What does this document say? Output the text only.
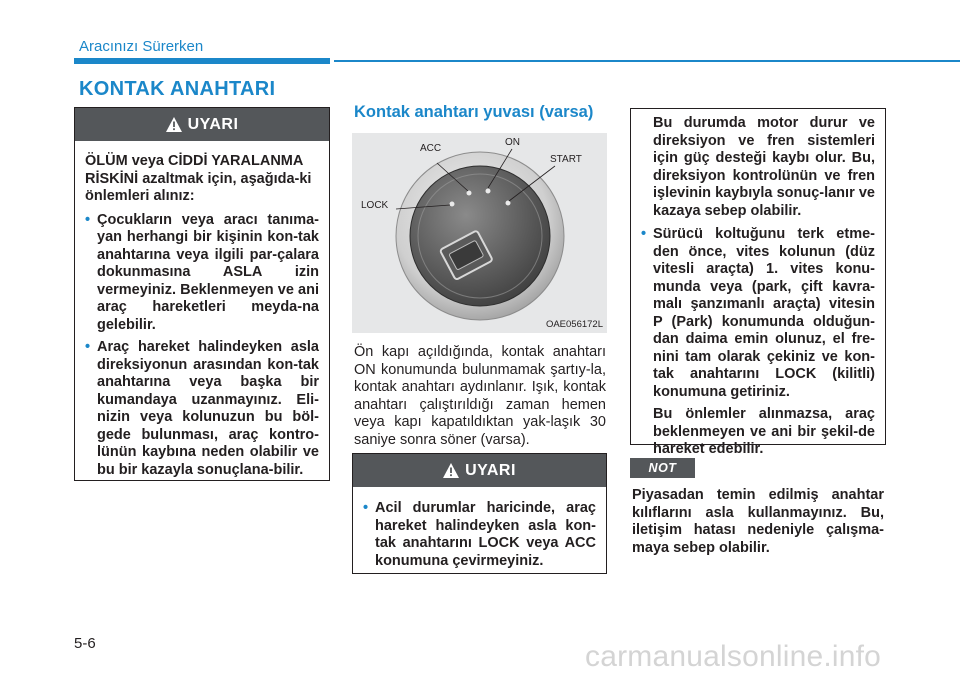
Aracınızı Sürerken
KONTAK ANAHTARI
UYARI

ÖLÜM veya CİDDİ YARALANMA RİSKİNİ azaltmak için, aşağıda-ki önlemleri alınız:

• Çocukların veya aracı tanıma-yan herhangi bir kişinin kon-tak anahtarına veya ilgili par-çalara dokunmasına ASLA izin vermeyiniz. Beklenmeyen ve ani araç hareketleri meyda-na gelebilir.
• Araç hareket halindeyken asla direksiyonun arasından kon-tak anahtarına veya başka bir kumandaya uzanmayınız. Eli-nizin veya kolunuzun bu böl-gede bulunması, araç kontro-lünün kaybına neden olabilir ve bu bir kazayla sonuçlana-bilir.
Kontak anahtarı yuvası (varsa)
ACC
ON
START
LOCK
OAE056172L
Ön kapı açıldığında, kontak anahtarı ON konumunda bulunmamak şartıy-la, kontak anahtarı aydınlanır. Işık, kontak anahtarı çalıştırıldığı zaman hemen veya kapı kapatıldıktan yak-laşık 30 saniye sonra söner (varsa).
UYARI
• Acil durumlar haricinde, araç hareket halindeyken asla kon-tak anahtarını LOCK veya ACC konumuna çevirmeyiniz.

Bu durumda motor durur ve direksiyon ve fren sistemleri için güç desteği kaybı olur. Bu, direksiyon kontrolünün ve fren işlevinin kaybıyla sonuç-lanır ve kazaya sebep olabilir.

• Sürücü koltuğunu terk etme-den önce, vites kolunun (düz vitesli araçta) 1. vites konu-munda veya (park, çift kavra-malı şanzımanlı araçta) vitesin P (Park) konumunda olduğun-dan daima emin olunuz, el fre-nini tam olarak çekiniz ve kon-tak anahtarını LOCK (kilitli) konumuna getiriniz.

Bu önlemler alınmazsa, araç beklenmeyen ve ani bir şekil-de hareket edebilir.

NOT
Piyasadan temin edilmiş anahtar kılıflarını asla kullanmayınız. Bu, iletişim hatası nedeniyle çalışma-maya sebep olabilir.
5-6	carmanualsonline.info
